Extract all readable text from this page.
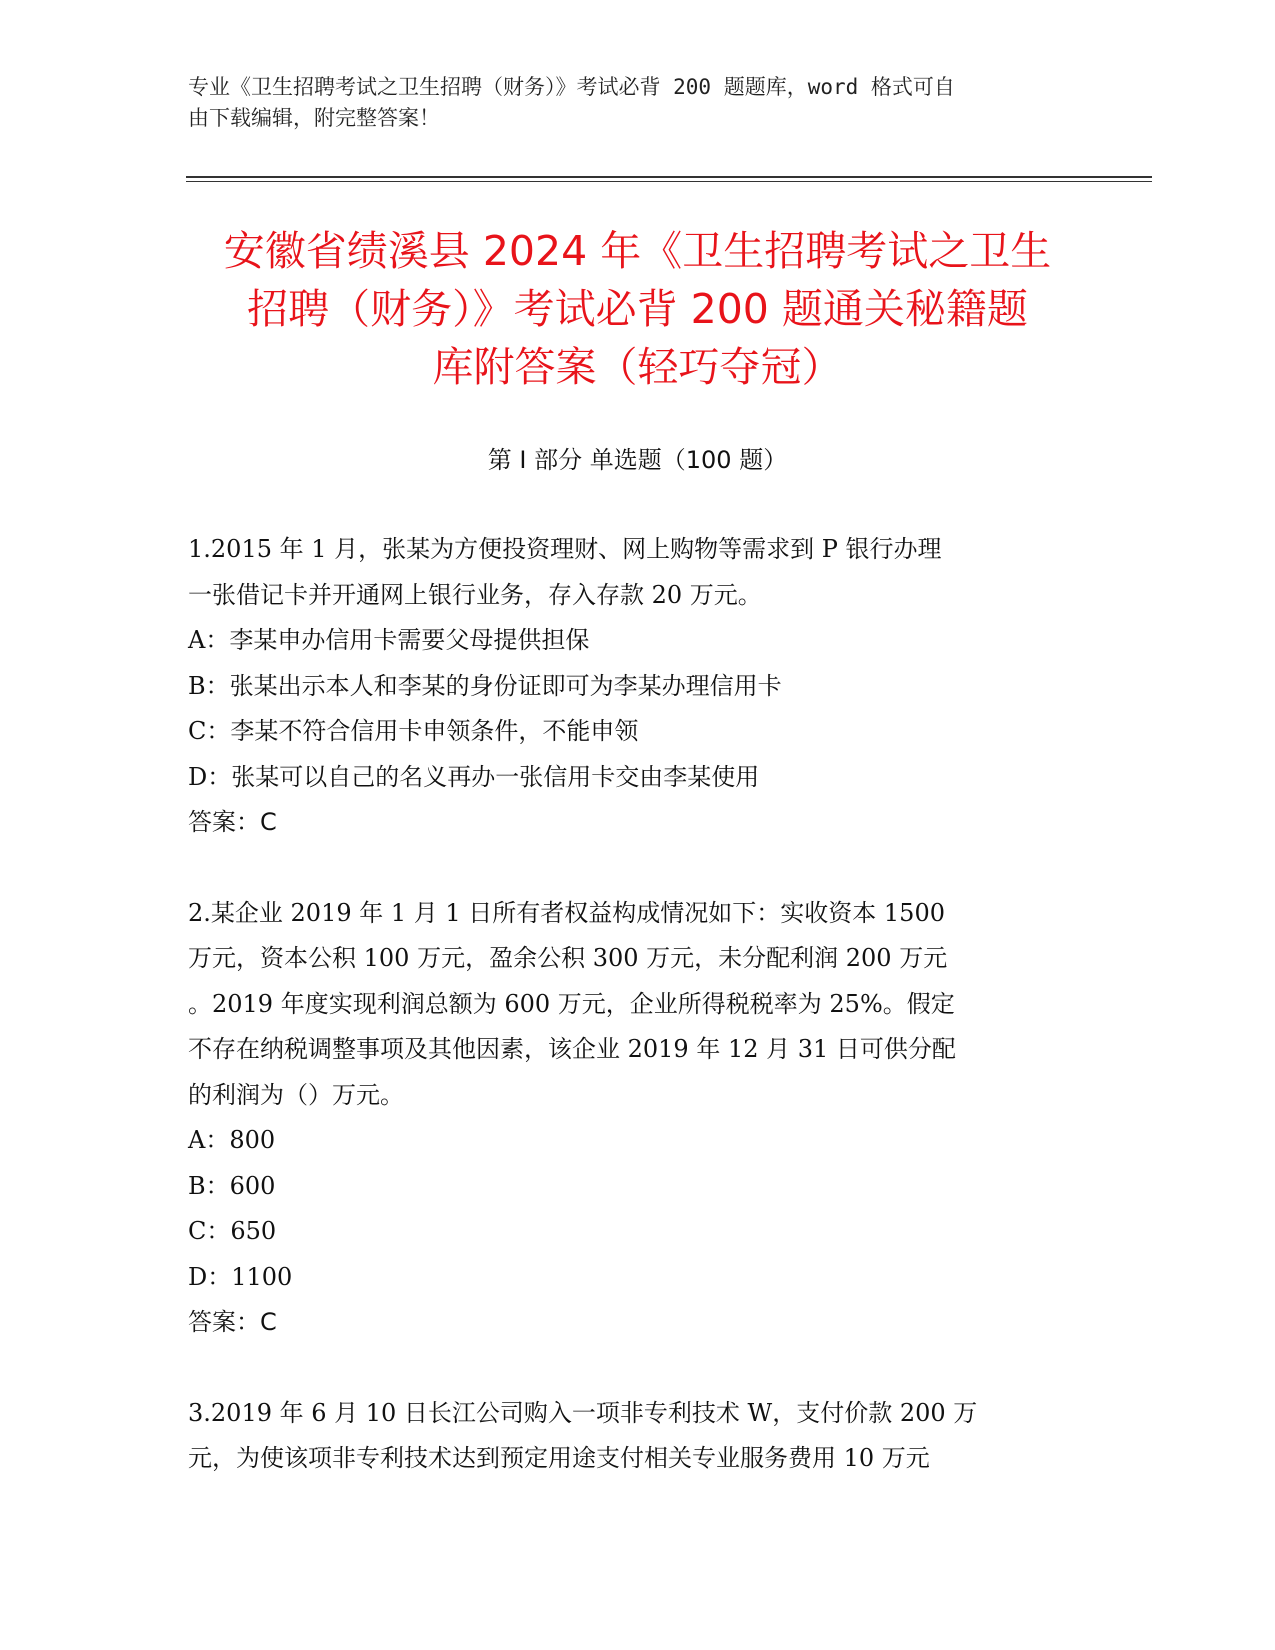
专业《卫生招聘考试之卫生招聘（财务）》考试必背 200 题题库，word 格式可自
由下载编辑，附完整答案！
安徽省绩溪县 2024 年《卫生招聘考试之卫生
招聘（财务）》考试必背 200 题通关秘籍题
库附答案（轻巧夺冠）
第 I 部分 单选题（100 题）

1.2015 年 1 月，张某为方便投资理财、网上购物等需求到 P 银行办理

一张借记卡并开通网上银行业务，存入存款 20 万元。

A：李某申办信用卡需要父母提供担保

B：张某出示本人和李某的身份证即可为李某办理信用卡

C：李某不符合信用卡申领条件，不能申领

D：张某可以自己的名义再办一张信用卡交由李某使用

答案：C

2.某企业 2019 年 1 月 1 日所有者权益构成情况如下：实收资本 1500

万元，资本公积 100 万元，盈余公积 300 万元，未分配利润 200 万元

。2019 年度实现利润总额为 600 万元，企业所得税税率为 25%。假定

不存在纳税调整事项及其他因素，该企业 2019 年 12 月 31 日可供分配

的利润为（）万元。

A：800

B：600

C：650

D：1100

答案：C

3.2019 年 6 月 10 日长江公司购入一项非专利技术 W，支付价款 200 万

元，为使该项非专利技术达到预定用途支付相关专业服务费用 10 万元
